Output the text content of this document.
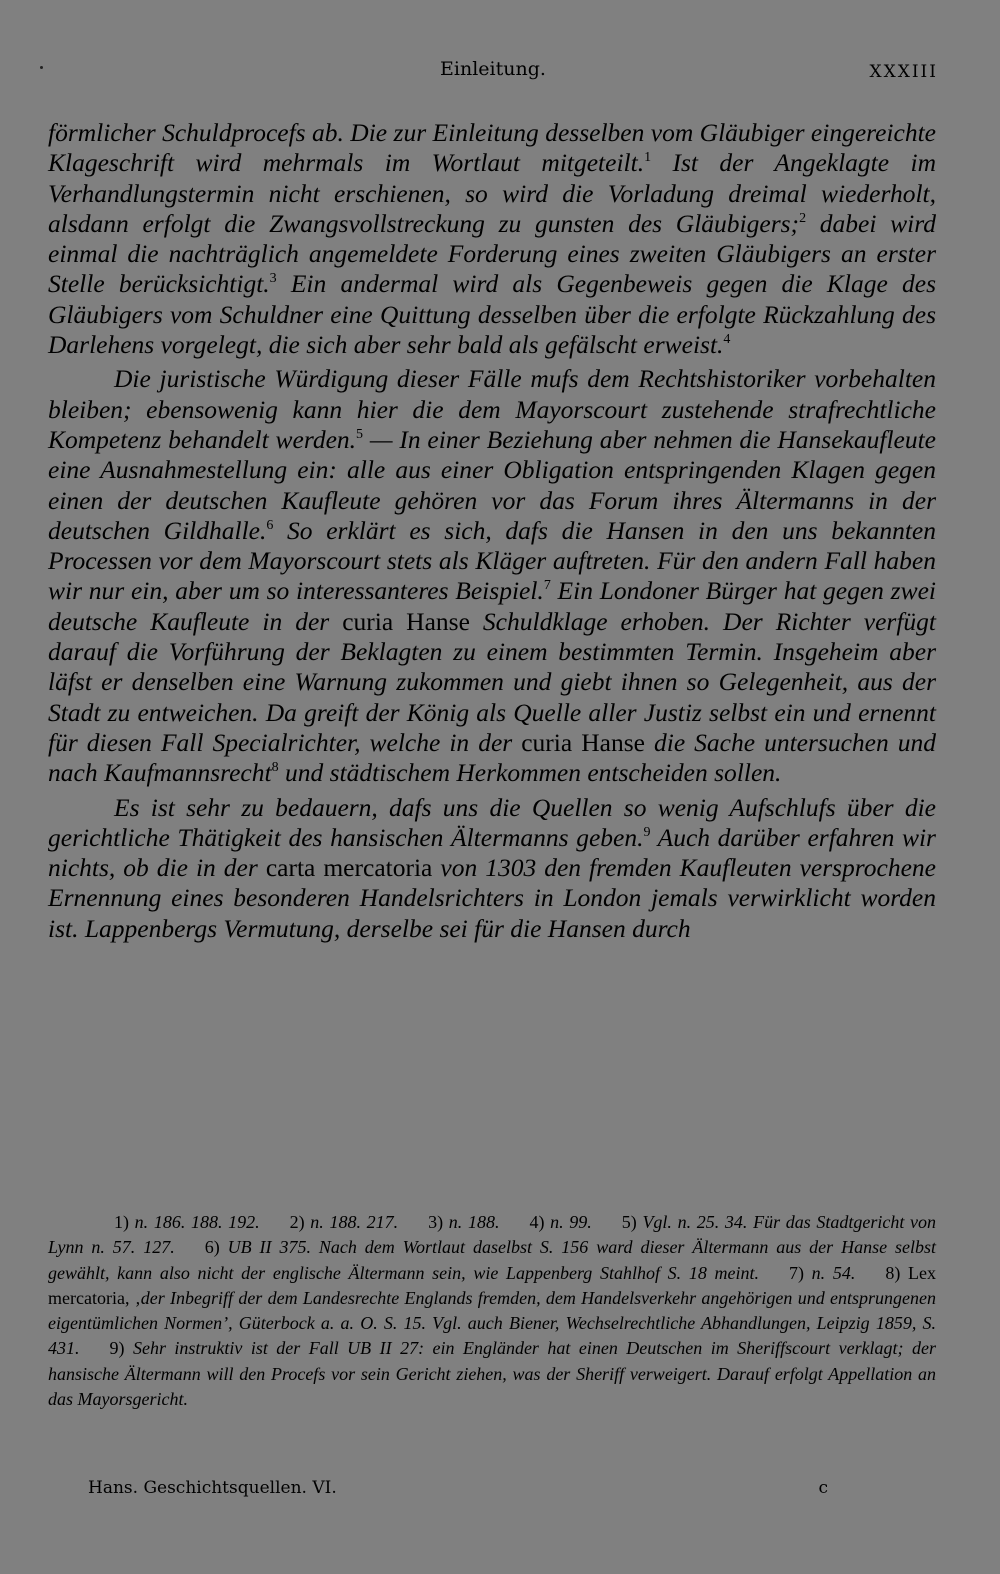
Einleitung.	XXXIII

förmlicher Schuldprocefs ab. Die zur Einleitung desselben vom Gläubiger eingereichte Klageschrift wird mehrmals im Wortlaut mitgeteilt.$^1$ Ist der Angeklagte im Verhandlungstermin nicht erschienen, so wird die Vorladung dreimal wiederholt, alsdann erfolgt die Zwangsvollstreckung zu gunsten des Gläubigers;$^2$ dabei wird einmal die nachträglich angemeldete Forderung eines zweiten Gläubigers an erster Stelle berücksichtigt.$^3$ Ein andermal wird als Gegenbeweis gegen die Klage des Gläubigers vom Schuldner eine Quittung desselben über die erfolgte Rückzahlung des Darlehens vorgelegt, die sich aber sehr bald als gefälscht erweist.$^4$

Die juristische Würdigung dieser Fälle mufs dem Rechtshistoriker vorbehalten bleiben; ebensowenig kann hier die dem Mayorscourt zustehende strafrechtliche Kompetenz behandelt werden.$^5$ — In einer Beziehung aber nehmen die Hansekaufleute eine Ausnahmestellung ein: alle aus einer Obligation entspringenden Klagen gegen einen der deutschen Kaufleute gehören vor das Forum ihres Ältermanns in der deutschen Gildhalle.$^6$ So erklärt es sich, dafs die Hansen in den uns bekannten Processen vor dem Mayorscourt stets als Kläger auftreten. Für den andern Fall haben wir nur ein, aber um so interessanteres Beispiel.$^7$ Ein Londoner Bürger hat gegen zwei deutsche Kaufleute in der curia Hanse Schuldklage erhoben. Der Richter verfügt darauf die Vorführung der Beklagten zu einem bestimmten Termin. Insgeheim aber läfst er denselben eine Warnung zukommen und giebt ihnen so Gelegenheit, aus der Stadt zu entweichen. Da greift der König als Quelle aller Justiz selbst ein und ernennt für diesen Fall Specialrichter, welche in der curia Hanse die Sache untersuchen und nach Kaufmannsrecht$^8$ und städtischem Herkommen entscheiden sollen.

Es ist sehr zu bedauern, dafs uns die Quellen so wenig Aufschlufs über die gerichtliche Thätigkeit des hansischen Ältermanns geben.$^9$ Auch darüber erfahren wir nichts, ob die in der carta mercatoria von 1303 den fremden Kaufleuten versprochene Ernennung eines besonderen Handelsrichters in London jemals verwirklicht worden ist. Lappenbergs Vermutung, derselbe sei für die Hansen durch

1) n. 186. 188. 192. 2) n. 188. 217. 3) n. 188. 4) n. 99. 5) Vgl. n. 25. 34. Für das Stadtgericht von Lynn n. 57. 127. 6) UB II 375. Nach dem Wortlaut daselbst S. 156 ward dieser Ältermann aus der Hanse selbst gewählt, kann also nicht der englische Ältermann sein, wie Lappenberg Stahlhof S. 18 meint. 7) n. 54. 8) Lex mercatoria, ‚der Inbegriff der dem Landesrechte Englands fremden, dem Handelsverkehr angehörigen und entsprungenen eigentümlichen Normen’, Güterbock a. a. O. S. 15. Vgl. auch Biener, Wechselrechtliche Abhandlungen, Leipzig 1859, S. 431. 9) Sehr instruktiv ist der Fall UB II 27: ein Engländer hat einen Deutschen im Sheriffscourt verklagt; der hansische Ältermann will den Procefs vor sein Gericht ziehen, was der Sheriff verweigert. Darauf erfolgt Appellation an das Mayorsgericht.

Hans. Geschichtsquellen. VI.	c
